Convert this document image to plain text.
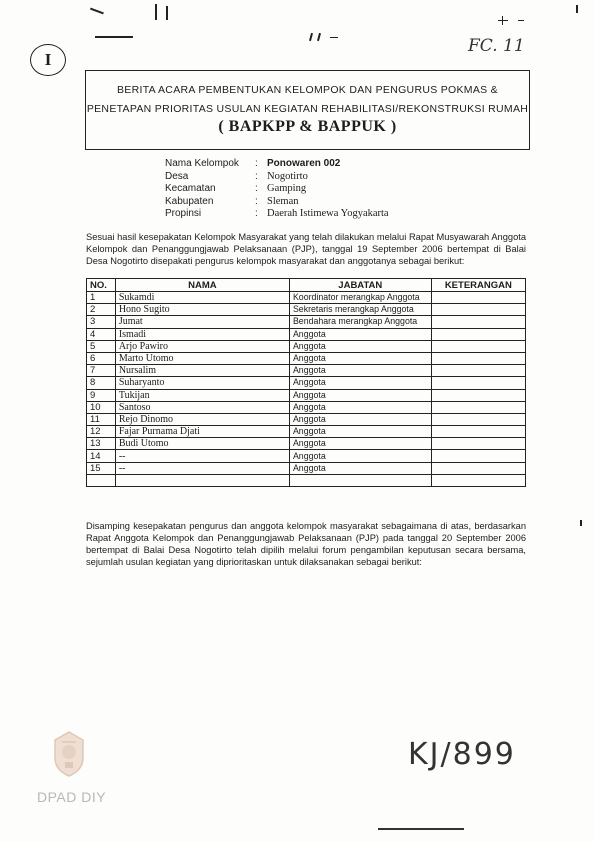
FC. 11
I
BERITA ACARA PEMBENTUKAN KELOMPOK DAN PENGURUS POKMAS &
PENETAPAN PRIORITAS USULAN KEGIATAN REHABILITASI/REKONSTRUKSI RUMAH
( BAPKPP & BAPPUK )
Nama Kelompok	: Ponowaren 002
Desa	: Nogotirto
Kecamatan	: Gamping
Kabupaten	: Sleman
Propinsi	: Daerah Istimewa Yogyakarta
Sesuai hasil kesepakatan Kelompok Masyarakat yang telah dilakukan melalui Rapat Musyawarah Anggota Kelompok dan Penanggungjawab Pelaksanaan (PJP), tanggal 19 September 2006 bertempat di Balai Desa Nogotirto disepakati pengurus kelompok masyarakat dan anggotanya sebagai berikut:
NO.	NAMA	JABATAN	KETERANGAN
1	Sukamdi	Koordinator merangkap Anggota	
2	Hono Sugito	Sekretaris merangkap Anggota	
3	Jumat	Bendahara merangkap Anggota	
4	Ismadi	Anggota	
5	Arjo Pawiro	Anggota	
6	Marto Utomo	Anggota	
7	Nursalim	Anggota	
8	Suharyanto	Anggota	
9	Tukijan	Anggota	
10	Santoso	Anggota	
11	Rejo Dinomo	Anggota	
12	Fajar Purnama Djati	Anggota	
13	Budi Utomo	Anggota	
14	--	Anggota	
15	--	Anggota	

Disamping kesepakatan pengurus dan anggota kelompok masyarakat sebagaimana di atas, berdasarkan Rapat Anggota Kelompok dan Penanggungjawab Pelaksanaan (PJP) pada tanggal 20 September 2006 bertempat di Balai Desa Nogotirto telah dipilih melalui forum pengambilan keputusan secara bersama, sejumlah usulan kegiatan yang diprioritaskan untuk dilaksanakan sebagai berikut:
DPAD DIY
KJ/899
